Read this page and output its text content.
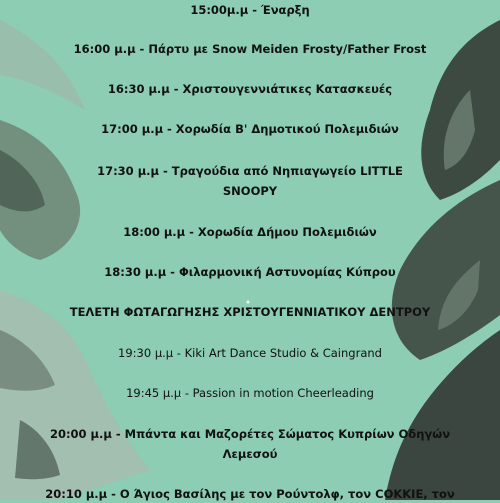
15:00μ.μ - Έναρξη
16:00 μ.μ - Πάρτυ με Snow Meiden Frosty/Father Frost
16:30 μ.μ - Χριστουγεννιάτικες Κατασκευές
17:00 μ.μ - Χορωδία Β' Δημοτικού Πολεμιδιών
17:30 μ.μ - Τραγούδια από Νηπιαγωγείο LITTLE
SNOOPY
18:00 μ.μ - Χορωδία Δήμου Πολεμιδιών
18:30 μ.μ - Φιλαρμονική Αστυνομίας Κύπρου
ΤΕΛΕΤΗ ΦΩΤΑΓΩΓΗΣΗΣ ΧΡΙΣΤΟΥΓΕΝΝΙΑΤΙΚΟΥ ΔΕΝΤΡΟΥ
19:30 μ.μ - Kiki Art Dance Studio & Caingrand
19:45 μ.μ - Passion in motion Cheerleading
20:00 μ.μ - Μπάντα και Μαζορέτες Σώματος Κυπρίων Οδηγών
Λεμεσού
20:10 μ.μ - Ο Άγιος Βασίλης με τον Ρούντολφ, τον COKKIE, τον
